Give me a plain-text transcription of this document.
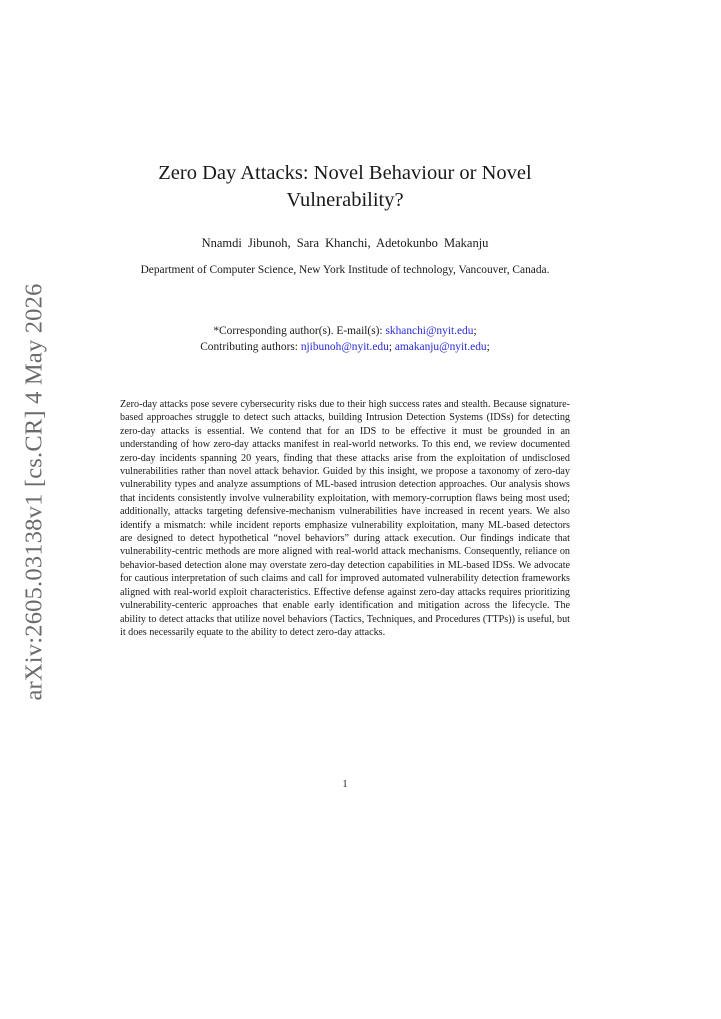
arXiv:2605.03138v1 [cs.CR] 4 May 2026
Zero Day Attacks: Novel Behaviour or Novel Vulnerability?
Nnamdi Jibunoh, Sara Khanchi, Adetokunbo Makanju
Department of Computer Science, New York Institude of technology, Vancouver, Canada.
*Corresponding author(s). E-mail(s): skhanchi@nyit.edu;
Contributing authors: njibunoh@nyit.edu; amakanju@nyit.edu;

Zero-day attacks pose severe cybersecurity risks due to their high success rates and stealth. Because signature-based approaches struggle to detect such attacks, building Intrusion Detection Systems (IDSs) for detecting zero-day attacks is essential. We contend that for an IDS to be effective it must be grounded in an understanding of how zero-day attacks manifest in real-world networks. To this end, we review documented zero-day incidents spanning 20 years, finding that these attacks arise from the exploitation of undisclosed vulnerabilities rather than novel attack behavior. Guided by this insight, we propose a taxonomy of zero-day vulnerability types and analyze assumptions of ML-based intrusion detection approaches. Our analysis shows that incidents consistently involve vulnerability exploitation, with memory-corruption flaws being most used; additionally, attacks targeting defensive-mechanism vulnerabilities have increased in recent years. We also identify a mismatch: while incident reports emphasize vulnerability exploitation, many ML-based detectors are designed to detect hypothetical “novel behaviors” during attack execution. Our findings indicate that vulnerability-centric methods are more aligned with real-world attack mechanisms. Consequently, reliance on behavior-based detection alone may overstate zero-day detection capabilities in ML-based IDSs. We advocate for cautious interpretation of such claims and call for improved automated vulnerability detection frameworks aligned with real-world exploit characteristics. Effective defense against zero-day attacks requires prioritizing vulnerability-centeric approaches that enable early identification and mitigation across the lifecycle. The ability to detect attacks that utilize novel behaviors (Tactics, Techniques, and Procedures (TTPs)) is useful, but it does necessarily equate to the ability to detect zero-day attacks.

1
